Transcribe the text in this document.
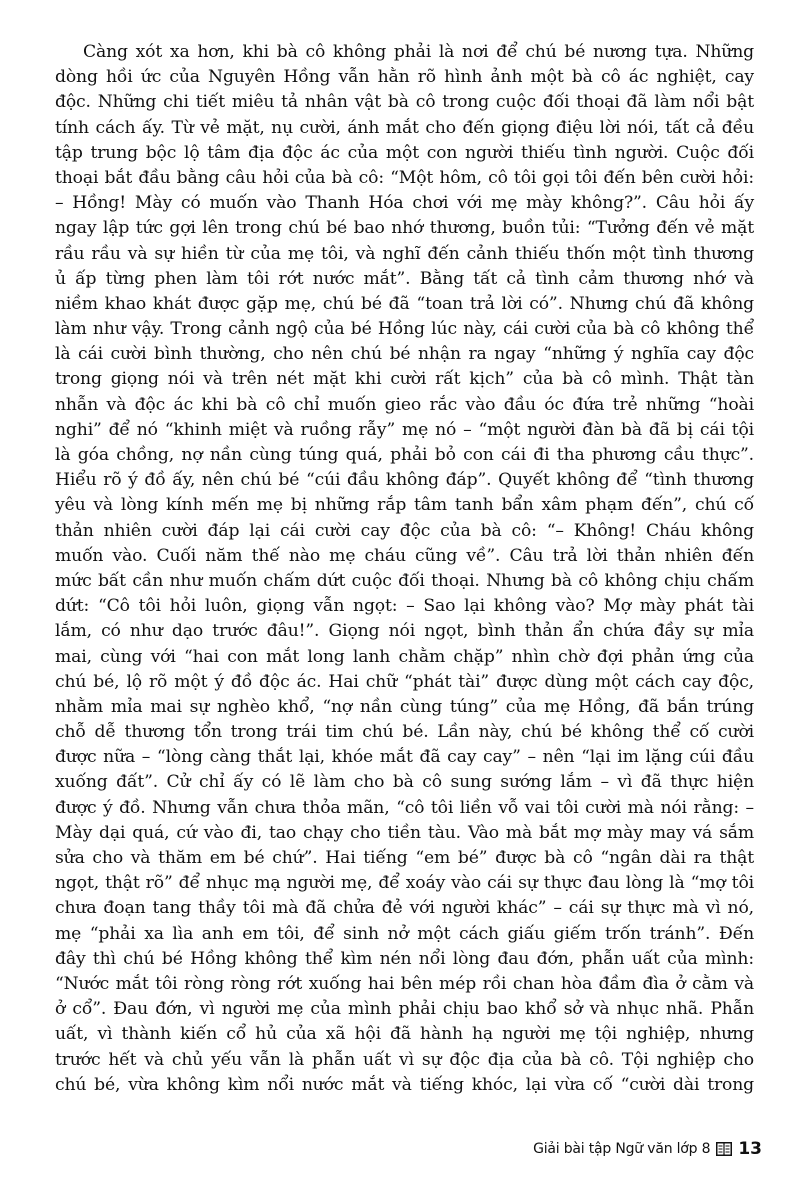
Càng xót xa hơn, khi bà cô không phải là nơi để chú bé nương tựa. Những
dòng hồi ức của Nguyên Hồng vẫn hằn rõ hình ảnh một bà cô ác nghiệt, cay
độc. Những chi tiết miêu tả nhân vật bà cô trong cuộc đối thoại đã làm nổi bật
tính cách ấy. Từ vẻ mặt, nụ cười, ánh mắt cho đến giọng điệu lời nói, tất cả đều
tập trung bộc lộ tâm địa độc ác của một con người thiếu tình người. Cuộc đối
thoại bắt đầu bằng câu hỏi của bà cô: “Một hôm, cô tôi gọi tôi đến bên cười hỏi:
– Hồng! Mày có muốn vào Thanh Hóa chơi với mẹ mày không?”. Câu hỏi ấy
ngay lập tức gợi lên trong chú bé bao nhớ thương, buồn tủi: “Tưởng đến vẻ mặt
rầu rầu và sự hiền từ của mẹ tôi, và nghĩ đến cảnh thiếu thốn một tình thương
ủ ấp từng phen làm tôi rớt nước mắt”. Bằng tất cả tình cảm thương nhớ và
niềm khao khát được gặp mẹ, chú bé đã “toan trả lời có”. Nhưng chú đã không
làm như vậy. Trong cảnh ngộ của bé Hồng lúc này, cái cười của bà cô không thể
là cái cười bình thường, cho nên chú bé nhận ra ngay “những ý nghĩa cay độc
trong giọng nói và trên nét mặt khi cười rất kịch” của bà cô mình. Thật tàn
nhẫn và độc ác khi bà cô chỉ muốn gieo rắc vào đầu óc đứa trẻ những “hoài
nghi” để nó “khinh miệt và ruồng rẫy” mẹ nó – “một người đàn bà đã bị cái tội
là góa chồng, nợ nần cùng túng quá, phải bỏ con cái đi tha phương cầu thực”.
Hiểu rõ ý đồ ấy, nên chú bé “cúi đầu không đáp”. Quyết không để “tình thương
yêu và lòng kính mến mẹ bị những rắp tâm tanh bẩn xâm phạm đến”, chú cố
thản nhiên cười đáp lại cái cười cay độc của bà cô: “– Không! Cháu không
muốn vào. Cuối năm thế nào mẹ cháu cũng về”. Câu trả lời thản nhiên đến
mức bất cần như muốn chấm dứt cuộc đối thoại. Nhưng bà cô không chịu chấm
dứt: “Cô tôi hỏi luôn, giọng vẫn ngọt: – Sao lại không vào? Mợ mày phát tài
lắm, có như dạo trước đâu!”. Giọng nói ngọt, bình thản ẩn chứa đầy sự mỉa
mai, cùng với “hai con mắt long lanh chằm chặp” nhìn chờ đợi phản ứng của
chú bé, lộ rõ một ý đồ độc ác. Hai chữ “phát tài” được dùng một cách cay độc,
nhằm mỉa mai sự nghèo khổ, “nợ nần cùng túng” của mẹ Hồng, đã bắn trúng
chỗ dễ thương tổn trong trái tim chú bé. Lần này, chú bé không thể cố cười
được nữa – “lòng càng thắt lại, khóe mắt đã cay cay” – nên “lại im lặng cúi đầu
xuống đất”. Cử chỉ ấy có lẽ làm cho bà cô sung sướng lắm – vì đã thực hiện
được ý đồ. Nhưng vẫn chưa thỏa mãn, “cô tôi liền vỗ vai tôi cười mà nói rằng: –
Mày dại quá, cứ vào đi, tao chạy cho tiền tàu. Vào mà bắt mợ mày may vá sắm
sửa cho và thăm em bé chứ”. Hai tiếng “em bé” được bà cô “ngân dài ra thật
ngọt, thật rõ” để nhục mạ người mẹ, để xoáy vào cái sự thực đau lòng là “mợ tôi
chưa đoạn tang thầy tôi mà đã chửa đẻ với người khác” – cái sự thực mà vì nó,
mẹ “phải xa lìa anh em tôi, để sinh nở một cách giấu giếm trốn tránh”. Đến
đây thì chú bé Hồng không thể kìm nén nổi lòng đau đớn, phẫn uất của mình:
“Nước mắt tôi ròng ròng rớt xuống hai bên mép rồi chan hòa đầm đìa ở cằm và
ở cổ”. Đau đớn, vì người mẹ của mình phải chịu bao khổ sở và nhục nhã. Phẫn
uất, vì thành kiến cổ hủ của xã hội đã hành hạ người mẹ tội nghiệp, nhưng
trước hết và chủ yếu vẫn là phẫn uất vì sự độc địa của bà cô. Tội nghiệp cho
chú bé, vừa không kìm nổi nước mắt và tiếng khóc, lại vừa cố “cười dài trong
Giải bài tập Ngữ văn lớp 8 13
